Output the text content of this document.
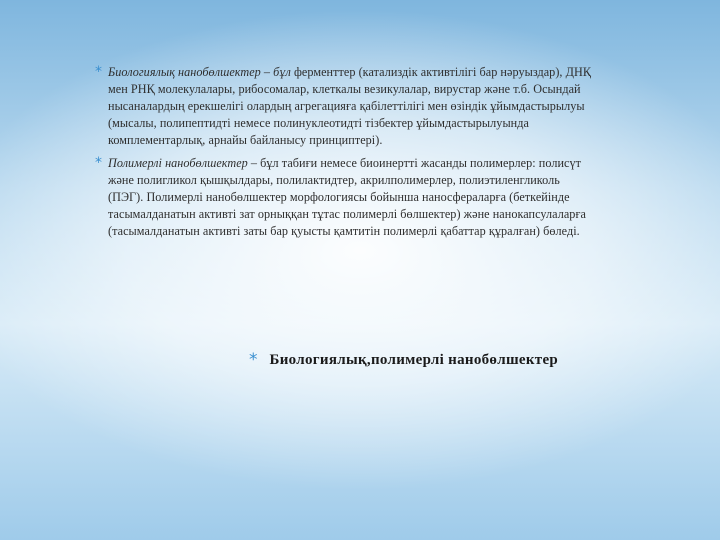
* Биологиялық нанобөлшектер – бұл ферменттер (катализдік активтілігі бар нәруыздар), ДНҚ мен РНҚ молекулалары, рибосомалар, клеткалы везикулалар, вирустар және т.б. Осындай нысаналардың ерекшелігі олардың агрегацияға қабілеттілігі мен өзіндік ұйымдастырылуы (мысалы, полипептидті немесе полинуклеотидті тізбектер ұйымдастырылуында комплементарлық, арнайы байланысу принциптері).
* Полимерлі нанобөлшектер – бұл табиғи немесе биоинертті жасанды полимерлер: полисүт және полигликол қышқылдары, полилактидтер, акрилполимерлер, полиэтиленгликоль (ПЭГ). Полимерлі нанобөлшектер морфологиясы бойынша наносфераларға (беткейінде тасымалданатын активті зат орныққан тұтас полимерлі бөлшектер) және нанокапсулаларға (тасымалданатын активті заты бар қуысты қамтитін полимерлі қабаттар құралған) бөледі.
* Биологиялық,полимерлі нанобөлшектер
